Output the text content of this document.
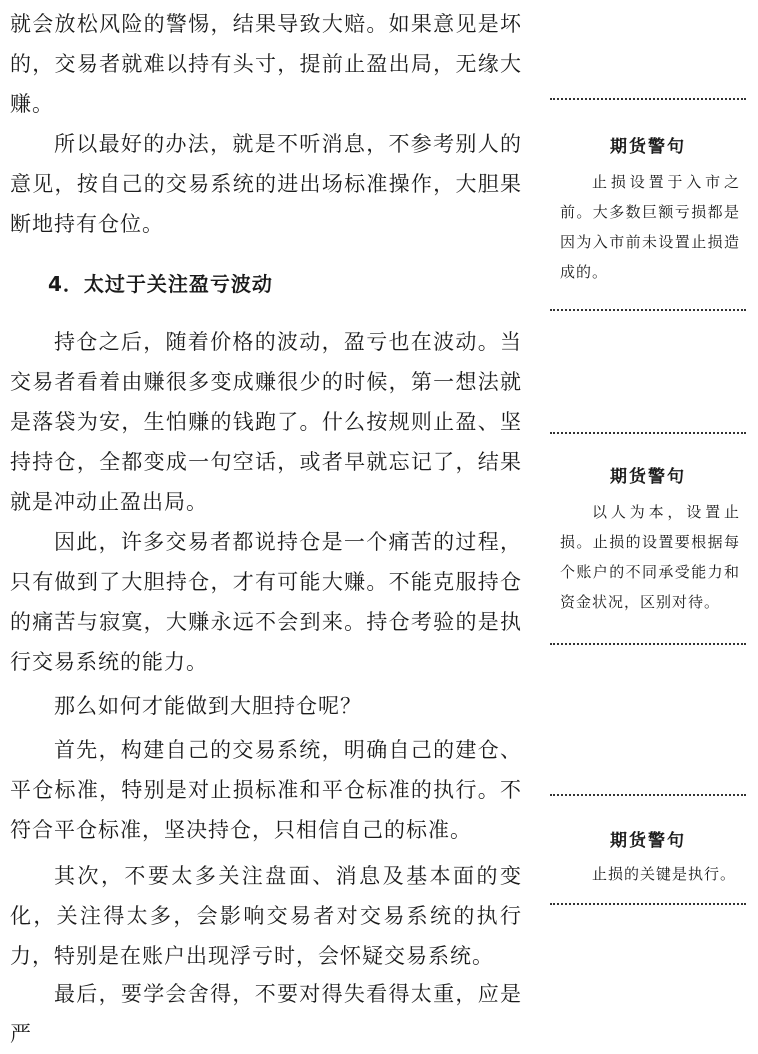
就会放松风险的警惕，结果导致大赔。如果意见是坏的，交易者就难以持有头寸，提前止盈出局，无缘大赚。

所以最好的办法，就是不听消息，不参考别人的意见，按自己的交易系统的进出场标准操作，大胆果断地持有仓位。

4．太过于关注盈亏波动

持仓之后，随着价格的波动，盈亏也在波动。当交易者看着由赚很多变成赚很少的时候，第一想法就是落袋为安，生怕赚的钱跑了。什么按规则止盈、坚持持仓，全都变成一句空话，或者早就忘记了，结果就是冲动止盈出局。

因此，许多交易者都说持仓是一个痛苦的过程，只有做到了大胆持仓，才有可能大赚。不能克服持仓的痛苦与寂寞，大赚永远不会到来。持仓考验的是执行交易系统的能力。

那么如何才能做到大胆持仓呢？

首先，构建自己的交易系统，明确自己的建仓、平仓标准，特别是对止损标准和平仓标准的执行。不符合平仓标准，坚决持仓，只相信自己的标准。

其次，不要太多关注盘面、消息及基本面的变化，关注得太多，会影响交易者对交易系统的执行力，特别是在账户出现浮亏时，会怀疑交易系统。

最后，要学会舍得，不要对得失看得太重，应是严

期货警句
止损设置于入市之前。大多数巨额亏损都是因为入市前未设置止损造成的。
期货警句
以人为本，设置止损。止损的设置要根据每个账户的不同承受能力和资金状况，区别对待。
期货警句
止损的关键是执行。
